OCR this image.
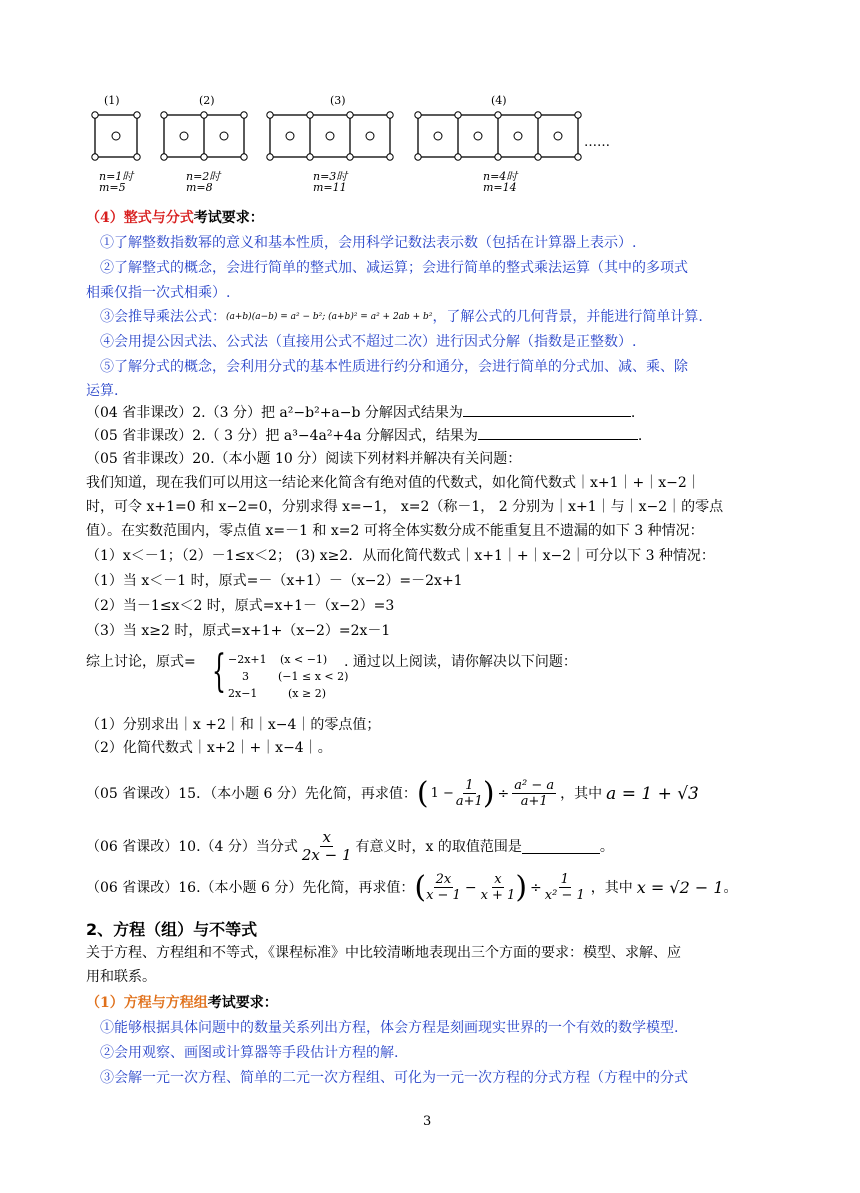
(1)	(2)	(3)	(4)
……
n=1时
m=5
n=2时
m=8
n=3时
m=11
n=4时
m=14
（4）整式与分式考试要求：
①了解整数指数幂的意义和基本性质，会用科学记数法表示数（包括在计算器上表示）.
②了解整式的概念，会进行简单的整式加、减运算；会进行简单的整式乘法运算（其中的多项式
相乘仅指一次式相乘）.
③会推导乘法公式：(a+b)(a−b) = a² − b²; (a+b)² = a² + 2ab + b²，了解公式的几何背景，并能进行简单计算.
④会用提公因式法、公式法（直接用公式不超过二次）进行因式分解（指数是正整数）.
⑤了解分式的概念，会利用分式的基本性质进行约分和通分，会进行简单的分式加、减、乘、除
运算.
（04 省非课改）2.（3 分）把 a²−b²+a−b 分解因式结果为	.
（05 省非课改）2.（ 3 分）把 a³−4a²+4a 分解因式，结果为	.
（05 省非课改）20.（本小题 10 分）阅读下列材料并解决有关问题：
我们知道，现在我们可以用这一结论来化简含有绝对值的代数式，如化简代数式｜x+1｜+｜x−2｜
时，可令 x+1=0 和 x−2=0，分别求得 x=−1， x=2（称－1， 2 分别为｜x+1｜与｜x−2｜的零点
值）。在实数范围内，零点值 x=－1 和 x=2 可将全体实数分成不能重复且不遗漏的如下 3 种情况：
（1）x＜－1；（2）－1≤x＜2； (3) x≥2．从而化简代数式｜x+1｜+｜x−2｜可分以下 3 种情况：
（1）当 x＜－1 时，原式=－（x+1）－（x−2）=－2x+1
（2）当－1≤x＜2 时，原式=x+1－（x−2）=3
（3）当 x≥2 时，原式=x+1+（x−2）=2x－1
综上讨论，原式= { −2x+1 (x < −1)
3	(−1 ≤ x < 2)
2x−1	(x ≥ 2)
. 通过以上阅读，请你解决以下问题：
（1）分别求出｜x +2｜和｜x−4｜的零点值；
（2）化简代数式｜x+2｜+｜x−4｜。
（05 省课改）15．（本小题 6 分）先化简，再求值： ( $1 - \frac{1}{a+1}$ ) ÷ $\frac{\text{a² − a}}{a+1}$ ，其中 a = 1 + √3
（06 省课改）10.（4 分）当分式 $\frac{x}{2x - 1}$ 有意义时，x 的取值范围是	。
（06 省课改）16.（本小题 6 分）先化简，再求值： ( $\frac{2x}{x - 1} - \frac{x}{x + 1}$ ) ÷ $\frac{1}{\text{x² − 1}}$ ，其中 x = √2 − 1 。
2、方程（组）与不等式
关于方程、方程组和不等式，《课程标准》中比较清晰地表现出三个方面的要求：模型、求解、应
用和联系。
（1）方程与方程组考试要求：
①能够根据具体问题中的数量关系列出方程，体会方程是刻画现实世界的一个有效的数学模型.
②会用观察、画图或计算器等手段估计方程的解.
③会解一元一次方程、简单的二元一次方程组、可化为一元一次方程的分式方程（方程中的分式
3
